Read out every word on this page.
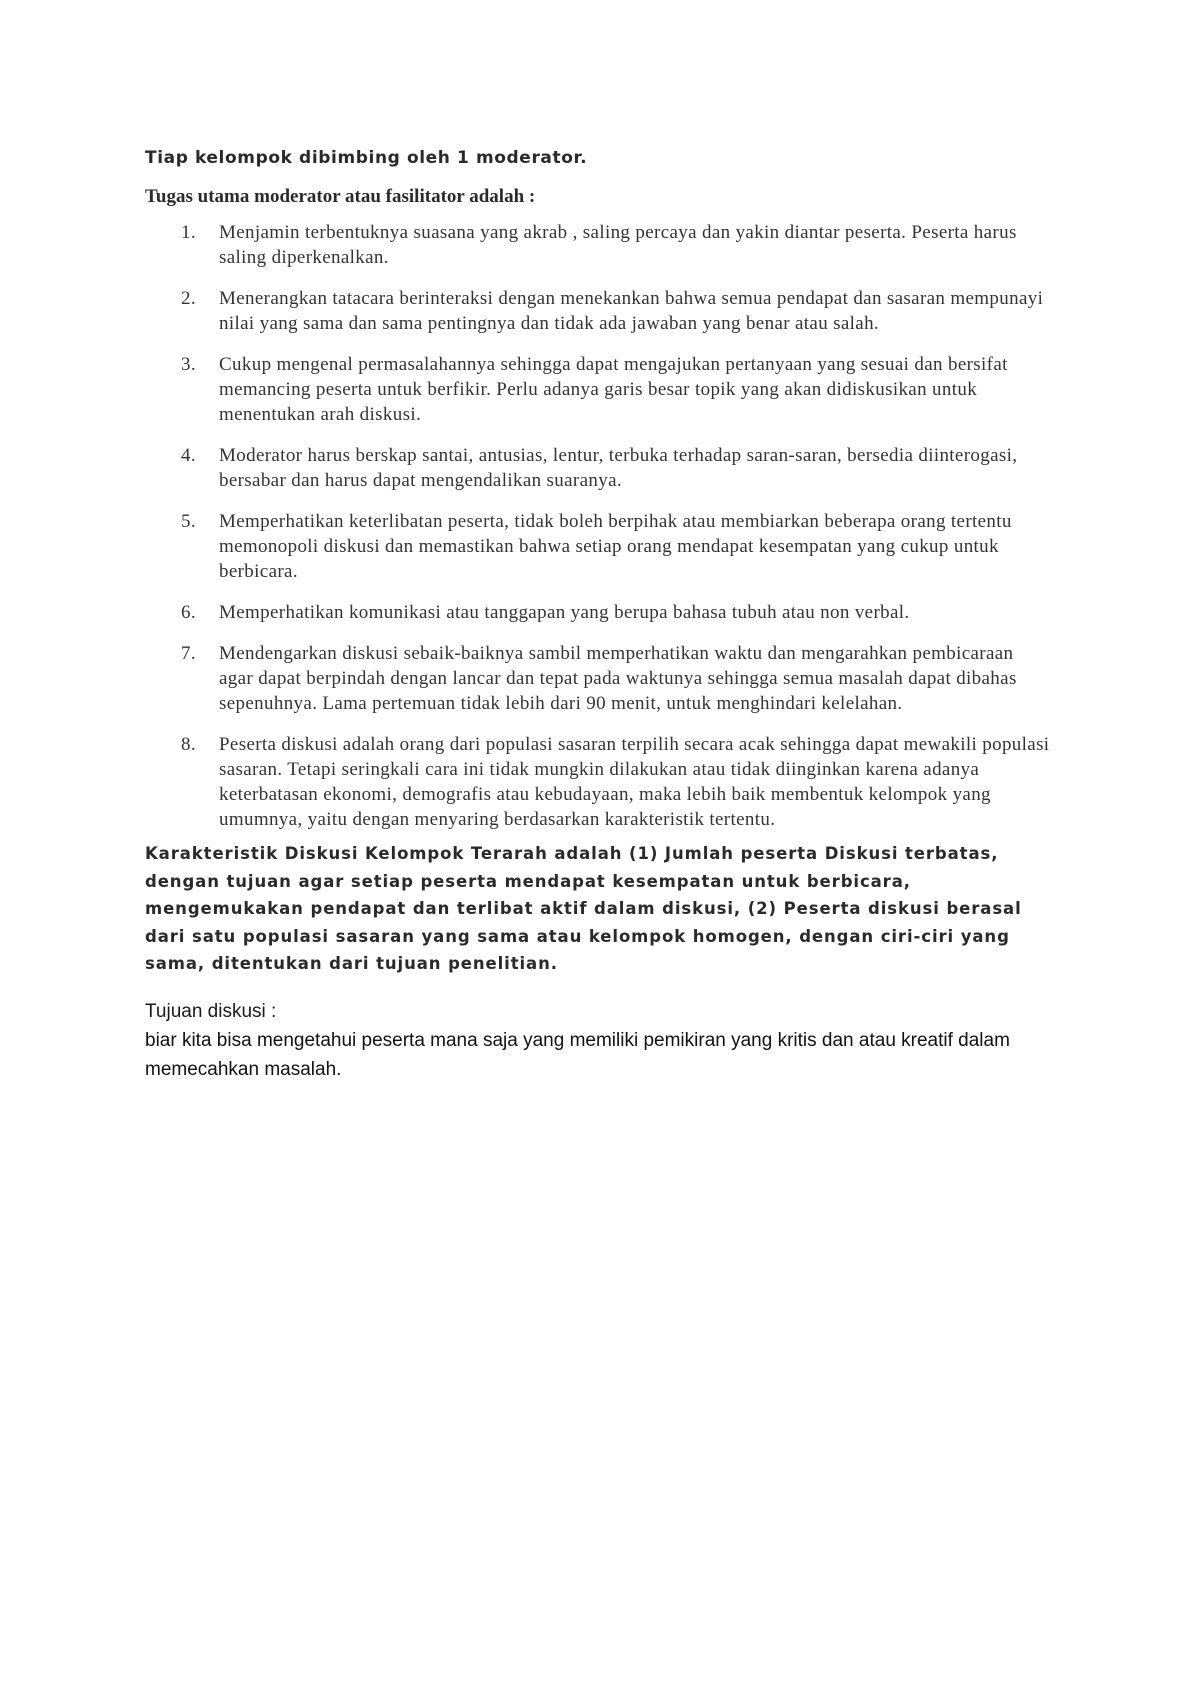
Tiap kelompok dibimbing oleh 1 moderator.

Tugas utama moderator atau fasilitator adalah :

1. Menjamin terbentuknya suasana yang akrab , saling percaya dan yakin diantar peserta. Peserta harus saling diperkenalkan.
2. Menerangkan tatacara berinteraksi dengan menekankan bahwa semua pendapat dan sasaran mempunayi nilai yang sama dan sama pentingnya dan tidak ada jawaban yang benar atau salah.
3. Cukup mengenal permasalahannya sehingga dapat mengajukan pertanyaan yang sesuai dan bersifat memancing peserta untuk berfikir. Perlu adanya garis besar topik yang akan didiskusikan untuk menentukan arah diskusi.
4. Moderator harus berskap santai, antusias, lentur, terbuka terhadap saran-saran, bersedia diinterogasi, bersabar dan harus dapat mengendalikan suaranya.
5. Memperhatikan keterlibatan peserta, tidak boleh berpihak atau membiarkan beberapa orang tertentu memonopoli diskusi dan memastikan bahwa setiap orang mendapat kesempatan yang cukup untuk berbicara.
6. Memperhatikan komunikasi atau tanggapan yang berupa bahasa tubuh atau non verbal.
7. Mendengarkan diskusi sebaik-baiknya sambil memperhatikan waktu dan mengarahkan pembicaraan agar dapat berpindah dengan lancar dan tepat pada waktunya sehingga semua masalah dapat dibahas sepenuhnya. Lama pertemuan tidak lebih dari 90 menit, untuk menghindari kelelahan.
8. Peserta diskusi adalah orang dari populasi sasaran terpilih secara acak sehingga dapat mewakili populasi sasaran. Tetapi seringkali cara ini tidak mungkin dilakukan atau tidak diinginkan karena adanya keterbatasan ekonomi, demografis atau kebudayaan, maka lebih baik membentuk kelompok yang umumnya, yaitu dengan menyaring berdasarkan karakteristik tertentu.

Karakteristik Diskusi Kelompok Terarah adalah (1) Jumlah peserta Diskusi terbatas, dengan tujuan agar setiap peserta mendapat kesempatan untuk berbicara, mengemukakan pendapat dan terlibat aktif dalam diskusi, (2) Peserta diskusi berasal dari satu populasi sasaran yang sama atau kelompok homogen, dengan ciri-ciri yang sama, ditentukan dari tujuan penelitian.

Tujuan diskusi :

biar kita bisa mengetahui peserta mana saja yang memiliki pemikiran yang kritis dan atau kreatif dalam memecahkan masalah.
